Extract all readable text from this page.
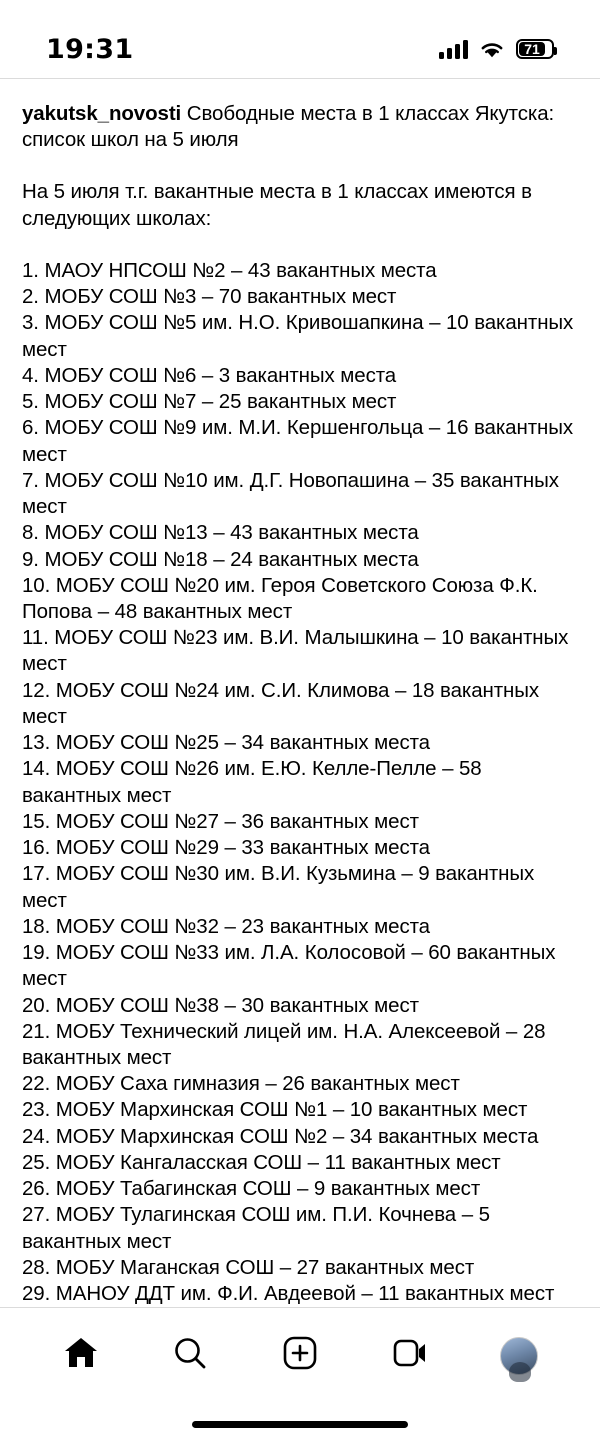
19:31	71
yakutsk_novosti Свободные места в 1 классах Якутска: список школ на 5 июля
На 5 июля т.г. вакантные места в 1 классах имеются в следующих школах:
1. МАОУ НПСОШ №2 – 43 вакантных места
2. МОБУ СОШ №3 – 70 вакантных мест
3. МОБУ СОШ №5 им. Н.О. Кривошапкина – 10 вакантных мест
4. МОБУ СОШ №6 – 3 вакантных места
5. МОБУ СОШ №7 – 25 вакантных мест
6. МОБУ СОШ №9 им. М.И. Кершенгольца – 16 вакантных мест
7. МОБУ СОШ №10 им. Д.Г. Новопашина – 35 вакантных мест
8. МОБУ СОШ №13 – 43 вакантных места
9. МОБУ СОШ №18 – 24 вакантных места
10. МОБУ СОШ №20 им. Героя Советского Союза Ф.К. Попова – 48 вакантных мест
11. МОБУ СОШ №23 им. В.И. Малышкина – 10 вакантных мест
12. МОБУ СОШ №24 им. С.И. Климова – 18 вакантных мест
13. МОБУ СОШ №25 – 34 вакантных места
14. МОБУ СОШ №26 им. Е.Ю. Келле-Пелле – 58 вакантных мест
15. МОБУ СОШ №27 – 36 вакантных мест
16. МОБУ СОШ №29 – 33 вакантных места
17. МОБУ СОШ №30 им. В.И. Кузьмина – 9 вакантных мест
18. МОБУ СОШ №32 – 23 вакантных места
19. МОБУ СОШ №33 им. Л.А. Колосовой – 60 вакантных мест
20. МОБУ СОШ №38 – 30 вакантных мест
21. МОБУ Технический лицей им. Н.А. Алексеевой – 28 вакантных мест
22. МОБУ Саха гимназия – 26 вакантных мест
23. МОБУ Мархинская СОШ №1 – 10 вакантных мест
24. МОБУ Мархинская СОШ №2 – 34 вакантных места
25. МОБУ Кангаласская СОШ – 11 вакантных мест
26. МОБУ Табагинская СОШ – 9 вакантных мест
27. МОБУ Тулагинская СОШ им. П.И. Кочнева – 5 вакантных мест
28. МОБУ Маганская СОШ – 27 вакантных мест
29. МАНОУ ДДТ им. Ф.И. Авдеевой – 11 вакантных мест
